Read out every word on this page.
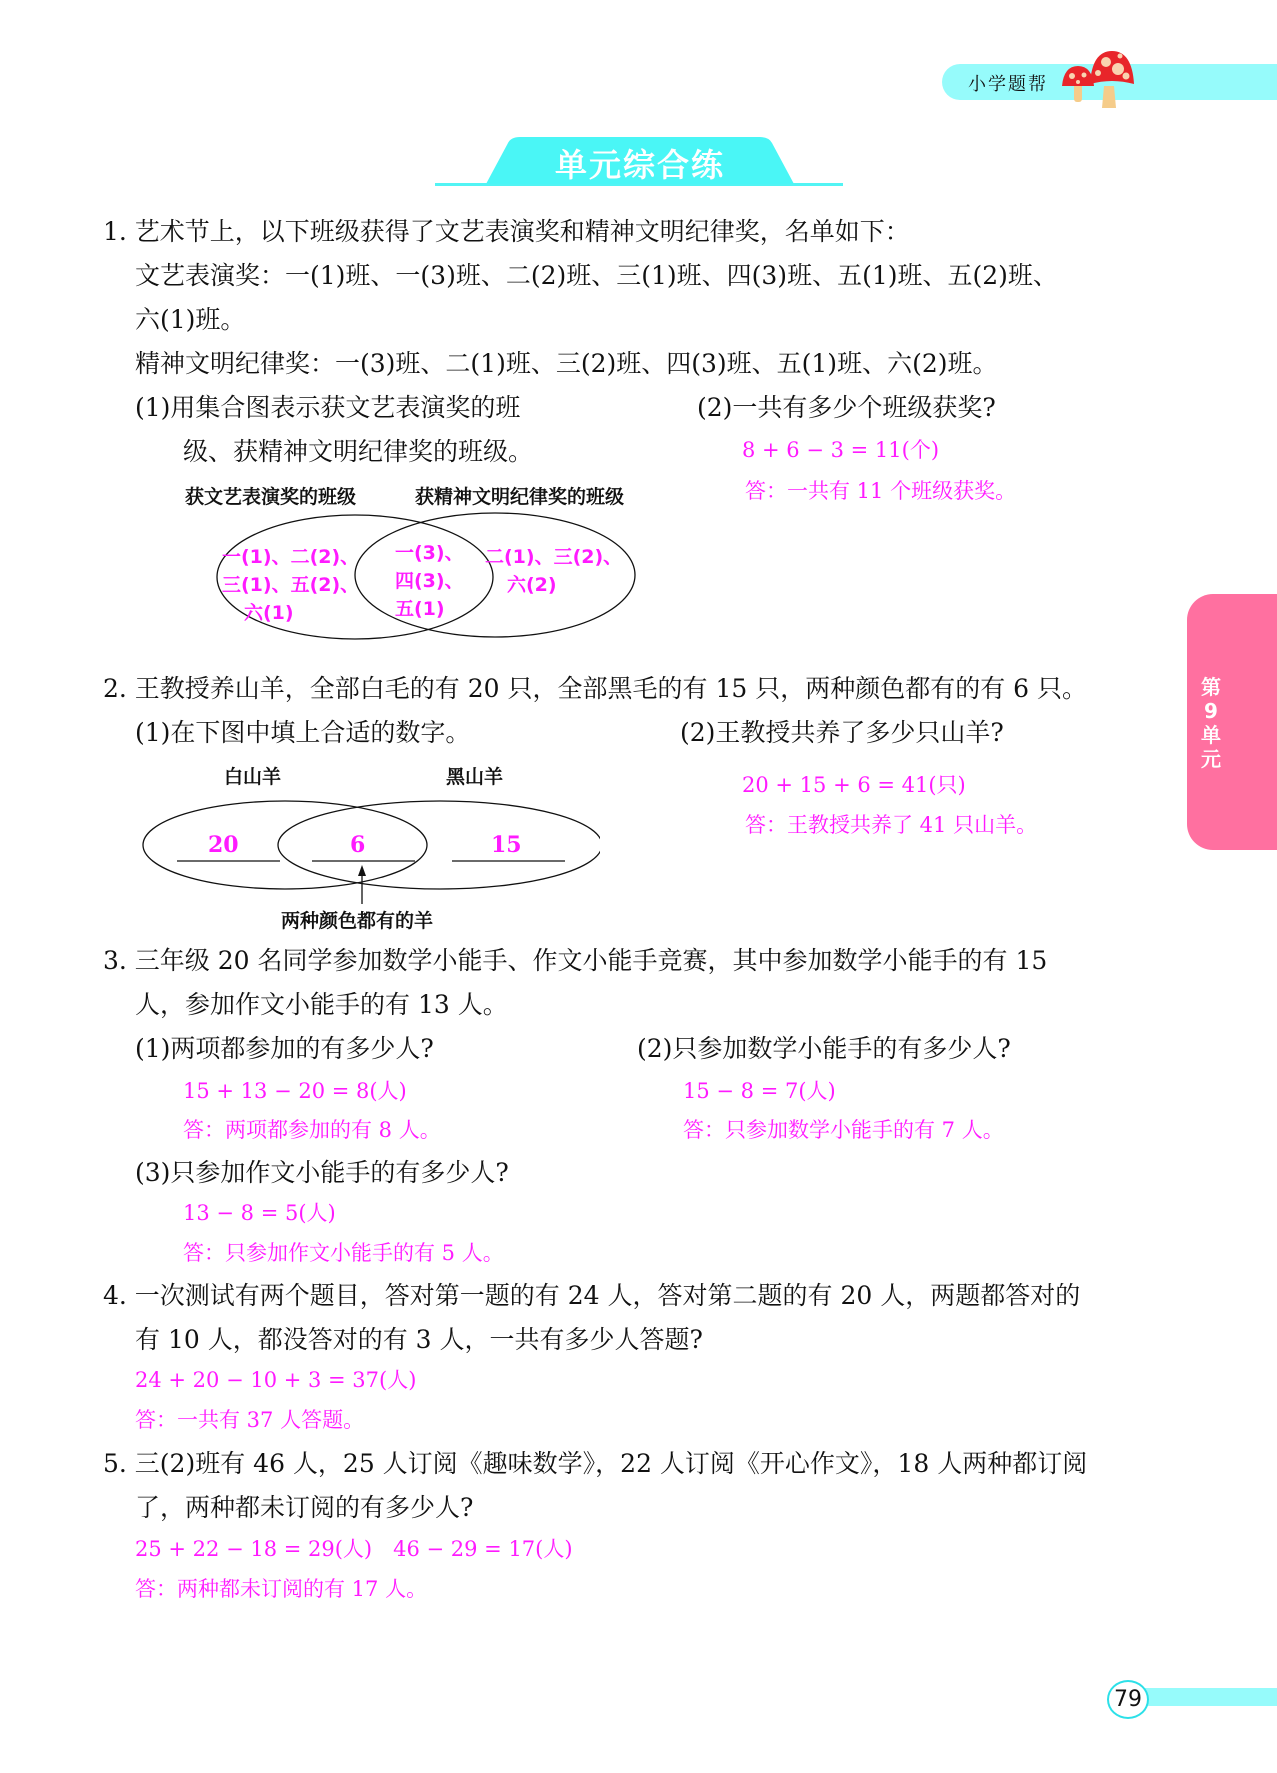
小学题帮
单元综合练
第
9
单
元
1. 艺术节上，以下班级获得了文艺表演奖和精神文明纪律奖，名单如下：
文艺表演奖：一(1)班、一(3)班、二(2)班、三(1)班、四(3)班、五(1)班、五(2)班、
六(1)班。
精神文明纪律奖：一(3)班、二(1)班、三(2)班、四(3)班、五(1)班、六(2)班。
(1)用集合图表示获文艺表演奖的班
级、获精神文明纪律奖的班级。
(2)一共有多少个班级获奖?
8 + 6 − 3 = 11(个)
答：一共有 11 个班级获奖。
获文艺表演奖的班级	获精神文明纪律奖的班级
一(1)、二(2)、
三(1)、五(2)、
六(1)
一(3)、
四(3)、
五(1)
二(1)、三(2)、
六(2)
2. 王教授养山羊，全部白毛的有 20 只，全部黑毛的有 15 只，两种颜色都有的有 6 只。
(1)在下图中填上合适的数字。	(2)王教授共养了多少只山羊?
20 + 15 + 6 = 41(只)
答：王教授共养了 41 只山羊。
白山羊	黑山羊
20	6	15
两种颜色都有的羊
3. 三年级 20 名同学参加数学小能手、作文小能手竞赛，其中参加数学小能手的有 15
人，参加作文小能手的有 13 人。
(1)两项都参加的有多少人?
15 + 13 − 20 = 8(人)
答：两项都参加的有 8 人。
(2)只参加数学小能手的有多少人?
15 − 8 = 7(人)
答：只参加数学小能手的有 7 人。
(3)只参加作文小能手的有多少人?
13 − 8 = 5(人)
答：只参加作文小能手的有 5 人。
4. 一次测试有两个题目，答对第一题的有 24 人，答对第二题的有 20 人，两题都答对的
有 10 人，都没答对的有 3 人，一共有多少人答题?
24 + 20 − 10 + 3 = 37(人)
答：一共有 37 人答题。
5. 三(2)班有 46 人，25 人订阅《趣味数学》，22 人订阅《开心作文》，18 人两种都订阅
了，两种都未订阅的有多少人?
25 + 22 − 18 = 29(人)　46 − 29 = 17(人)
答：两种都未订阅的有 17 人。
79
